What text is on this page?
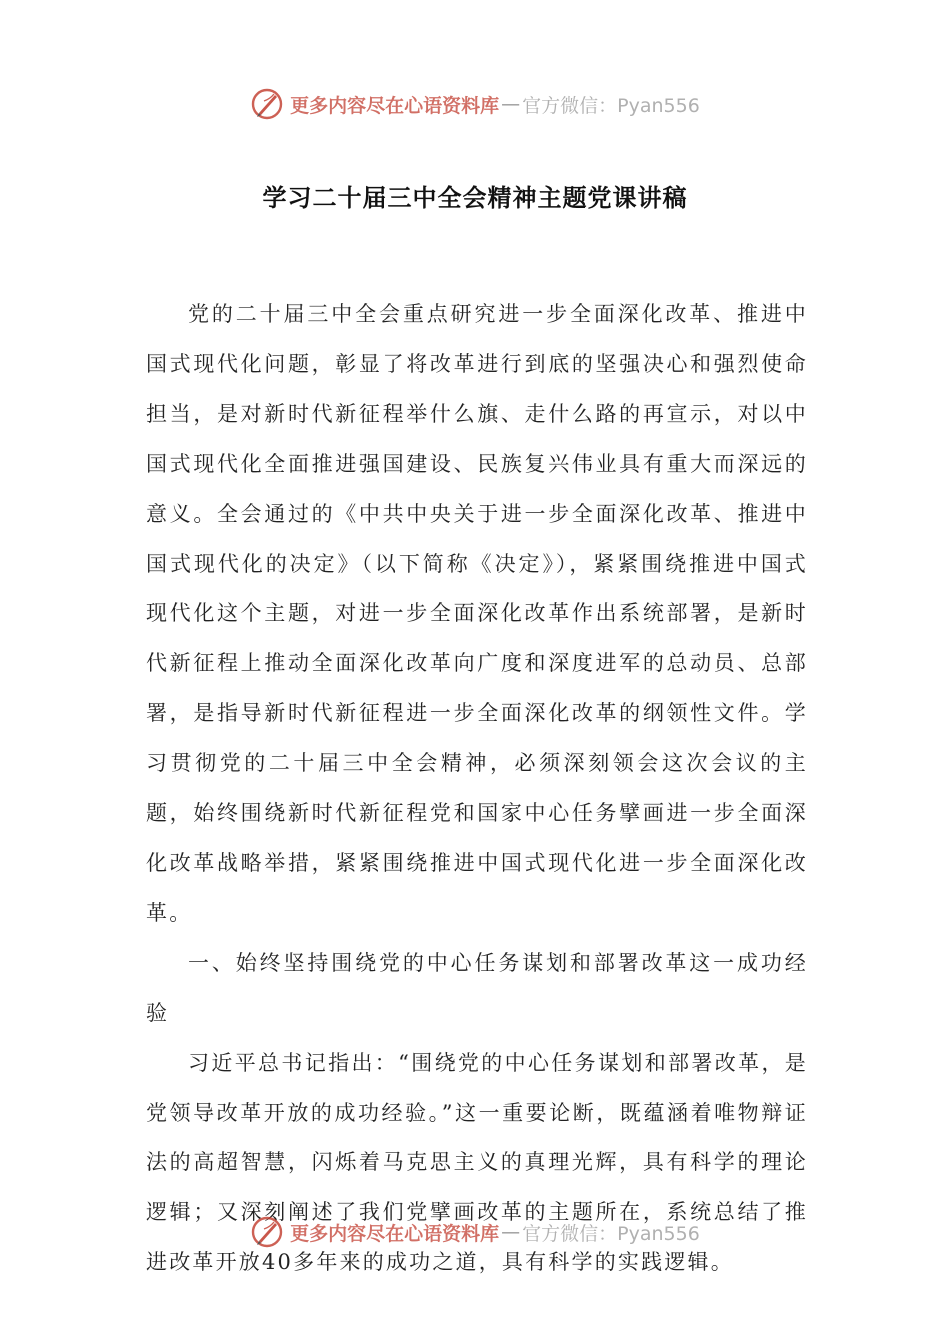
更多内容尽在心语资料库 — 官方微信：Pyan556
学习二十届三中全会精神主题党课讲稿

党的二十届三中全会重点研究进一步全面深化改革、推进中国式现代化问题，彰显了将改革进行到底的坚强决心和强烈使命担当，是对新时代新征程举什么旗、走什么路的再宣示，对以中国式现代化全面推进强国建设、民族复兴伟业具有重大而深远的意义。全会通过的《中共中央关于进一步全面深化改革、推进中国式现代化的决定》（以下简称《决定》），紧紧围绕推进中国式现代化这个主题，对进一步全面深化改革作出系统部署，是新时代新征程上推动全面深化改革向广度和深度进军的总动员、总部署，是指导新时代新征程进一步全面深化改革的纲领性文件。学习贯彻党的二十届三中全会精神，必须深刻领会这次会议的主题，始终围绕新时代新征程党和国家中心任务擘画进一步全面深化改革战略举措，紧紧围绕推进中国式现代化进一步全面深化改革。

一、始终坚持围绕党的中心任务谋划和部署改革这一成功经验

习近平总书记指出：“围绕党的中心任务谋划和部署改革，是党领导改革开放的成功经验。”这一重要论断，既蕴涵着唯物辩证法的高超智慧，闪烁着马克思主义的真理光辉，具有科学的理论逻辑；又深刻阐述了我们党擘画改革的主题所在，系统总结了推进改革开放40多年来的成功之道，具有科学的实践逻辑。

更多内容尽在心语资料库 — 官方微信：Pyan556
